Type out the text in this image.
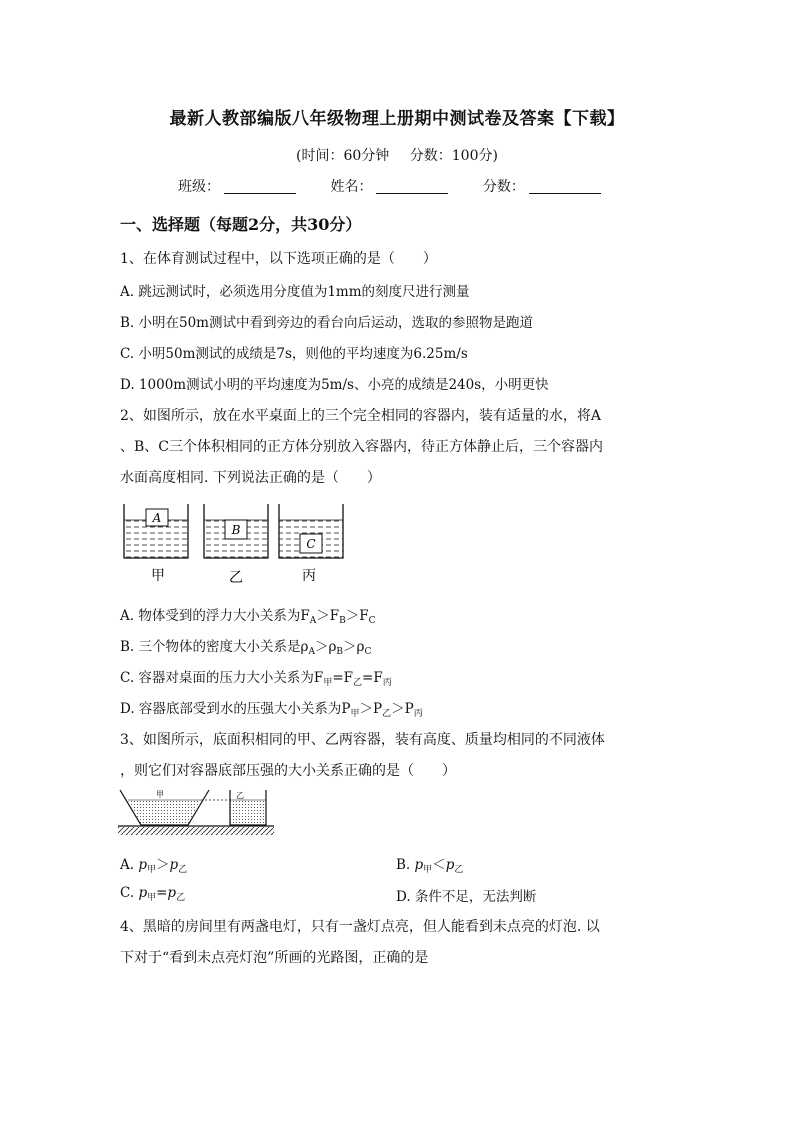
最新人教部编版八年级物理上册期中测试卷及答案【下载】
(时间：60分钟 分数：100分)
班级：	姓名：	分数：
一、选择题（每题2分，共30分）
1、在体育测试过程中，以下选项正确的是（　　）
A. 跳远测试时，必须选用分度值为1mm的刻度尺进行测量
B. 小明在50m测试中看到旁边的看台向后运动，选取的参照物是跑道
C. 小明50m测试的成绩是7s，则他的平均速度为6.25m/s
D. 1000m测试小明的平均速度为5m/s、小亮的成绩是240s，小明更快
2、如图所示，放在水平桌面上的三个完全相同的容器内，装有适量的水，将A
、B、C三个体积相同的正方体分别放入容器内，待正方体静止后，三个容器内
水面高度相同. 下列说法正确的是（　　）
A
B
C
甲	乙	丙
A. 物体受到的浮力大小关系为$F_A>F_B>F_C$
B. 三个物体的密度大小关系是$\rho_A>\rho_B>\rho_C$
C. 容器对桌面的压力大小关系为$F_甲=F_乙=F_丙$
D. 容器底部受到水的压强大小关系为$P_甲>P_乙>P_丙$
3、如图所示，底面积相同的甲、乙两容器，装有高度、质量均相同的不同液体
，则它们对容器底部压强的大小关系正确的是（　　）
甲	乙
A. $p_甲>p_乙$	B. $p_甲<p_乙$
C. $p_甲=p_乙$	D. 条件不足，无法判断
4、黑暗的房间里有两盏电灯，只有一盏灯点亮，但人能看到未点亮的灯泡. 以
下对于“看到未点亮灯泡”所画的光路图，正确的是
